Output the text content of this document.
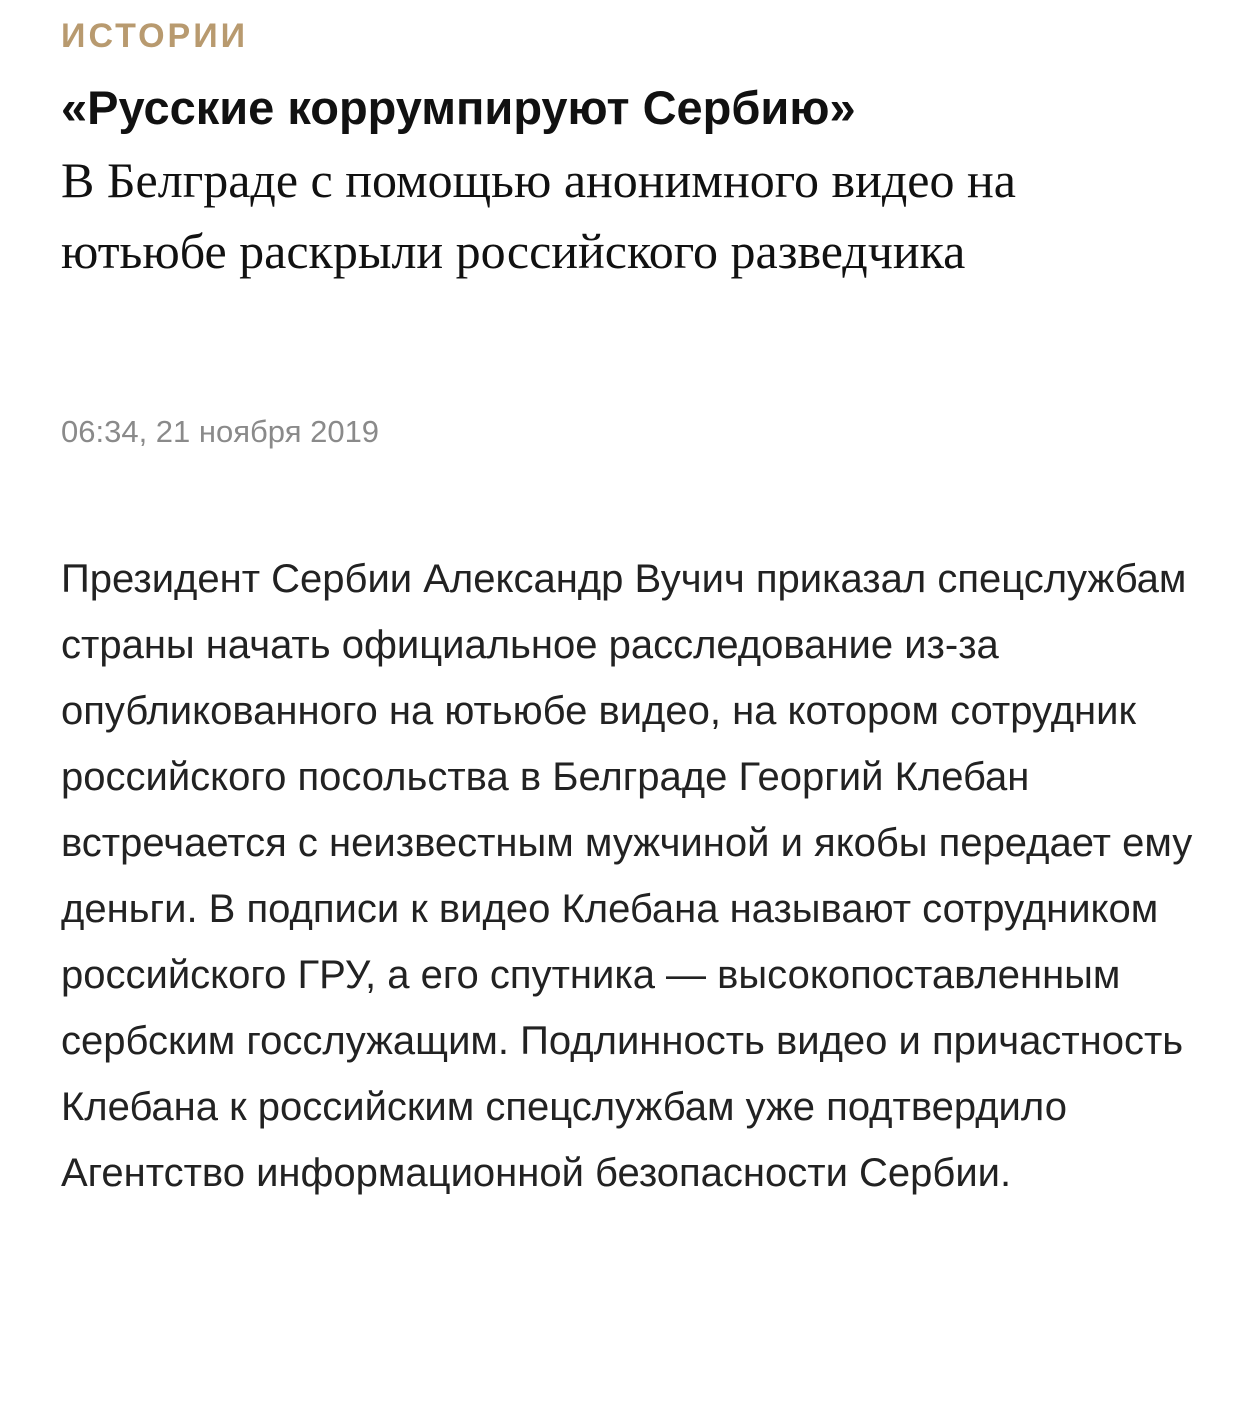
ИСТОРИИ
«Русские коррумпируют Сербию»
В Белграде с помощью анонимного видео на ютьюбе раскрыли российского разведчика
06:34, 21 ноября 2019

Президент Сербии Александр Вучич приказал спецслужбам страны начать официальное расследование из-за опубликованного на ютьюбе видео, на котором сотрудник российского посольства в Белграде Георгий Клебан встречается с неизвестным мужчиной и якобы передает ему деньги. В подписи к видео Клебана называют сотрудником российского ГРУ, а его спутника — высокопоставленным сербским госслужащим. Подлинность видео и причастность Клебана к российским спецслужбам уже подтвердило Агентство информационной безопасности Сербии.
